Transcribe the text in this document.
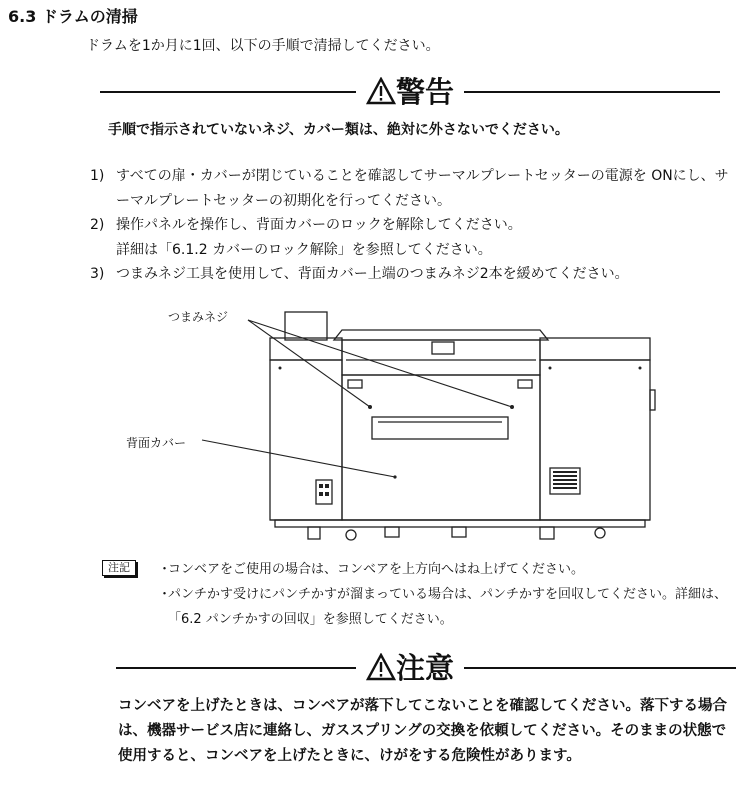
6.3 ドラムの清掃
ドラムを1か月に1回、以下の手順で清掃してください。
警告
手順で指示されていないネジ、カバー類は、絶対に外さないでください。
1) すべての扉・カバーが閉じていることを確認してサーマルプレートセッターの電源を ONにし、サーマルプレートセッターの初期化を行ってください。
2) 操作パネルを操作し、背面カバーのロックを解除してください。
詳細は「6.1.2 カバーのロック解除」を参照してください。
3) つまみネジ工具を使用して、背面カバー上端のつまみネジ2本を緩めてください。
つまみネジ
背面カバー
注記	・
コンベアをご使用の場合は、コンベアを上方向へはね上げてください。
・
パンチかす受けにパンチかすが溜まっている場合は、パンチかすを回収してください。詳細は、「6.2 パンチかすの回収」を参照してください。
注意
コンベアを上げたときは、コンベアが落下してこないことを確認してください。落下する場合は、機器サービス店に連絡し、ガススプリングの交換を依頼してください。そのままの状態で使用すると、コンベアを上げたときに、けがをする危険性があります。
